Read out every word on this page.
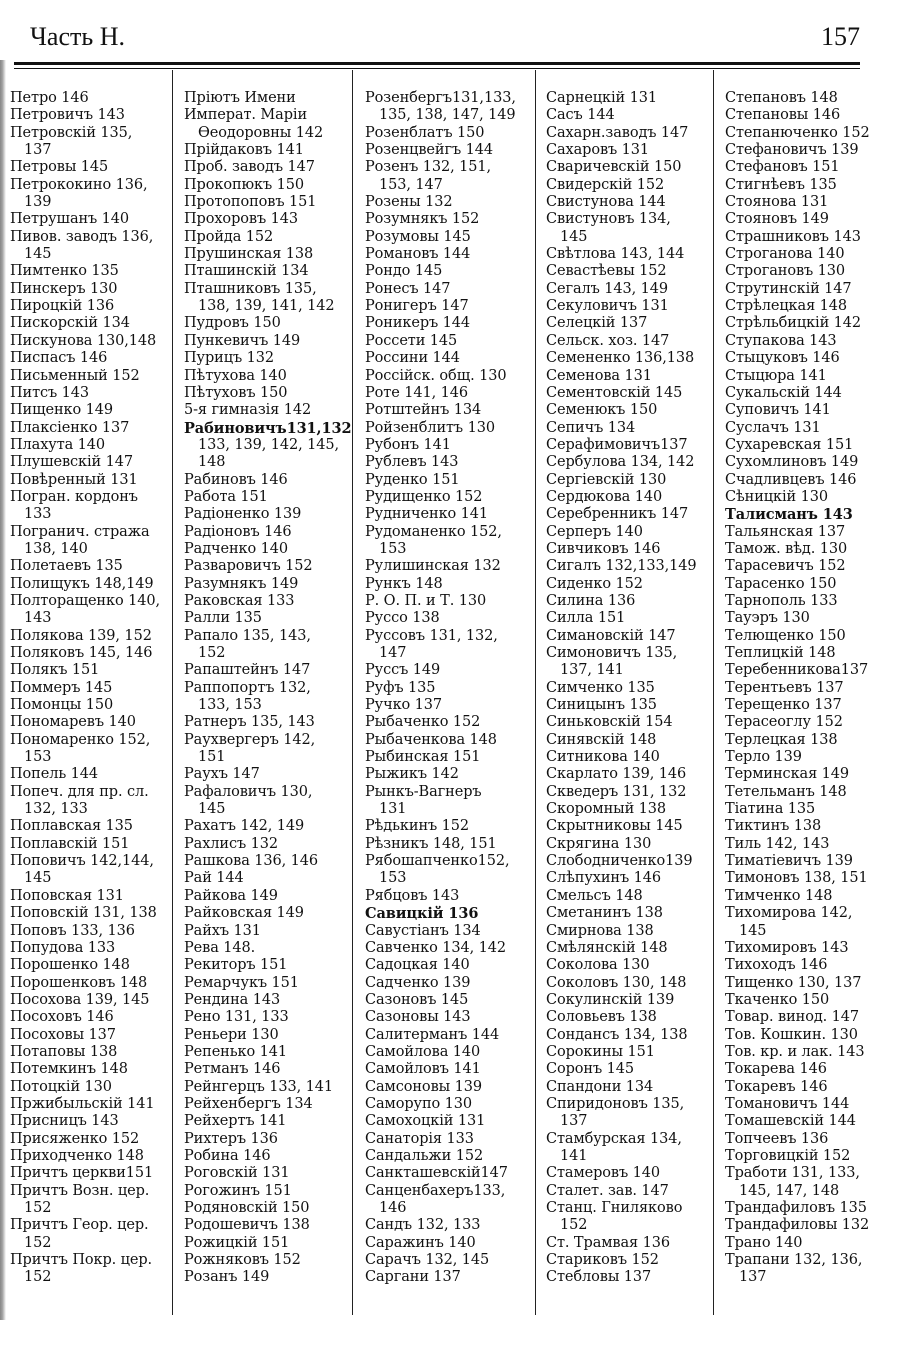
Часть Н.	157
Петро 146
Петровичъ 143
Петровскій 135,
137
Петровы 145
Петрококино 136,
139
Петрушанъ 140
Пивов. заводъ 136,
145
Пимтенко 135
Пинскеръ 130
Пироцкій 136
Пискорскій 134
Пискунова 130,148
Писпасъ 146
Письменный 152
Питсъ 143
Пищенко 149
Плаксіенко 137
Плахута 140
Плушевскій 147
Повѣренный 131
Погран. кордонъ
133
Погранич. стража
138, 140
Полетаевъ 135
Полищукъ 148,149
Полторащенко 140,
143
Полякова 139, 152
Поляковъ 145, 146
Полякъ 151
Поммеръ 145
Помонцы 150
Пономаревъ 140
Пономаренко 152,
153
Попель 144
Попеч. для пр. сл.
132, 133
Поплавская 135
Поплавскій 151
Поповичъ 142,144,
145
Поповская 131
Поповскій 131, 138
Поповъ 133, 136
Попудова 133
Порошенко 148
Порошенковъ 148
Посохова 139, 145
Посоховъ 146
Посоховы 137
Потаповы 138
Потемкинъ 148
Потоцкій 130
Пржибыльскій 141
Присницъ 143
Присяженко 152
Приходченко 148
Причтъ церкви151
Причтъ Возн. цер.
152
Причтъ Геор. цер.
152
Причтъ Покр. цер.
152
Пріютъ Имени
Императ. Маріи
Ѳеодоровны 142
Прійдаковъ 141
Проб. заводъ 147
Прокопюкъ 150
Протопоповъ 151
Прохоровъ 143
Пройда 152
Прушинская 138
Пташинскій 134
Пташниковъ 135,
138, 139, 141, 142
Пудровъ 150
Пункевичъ 149
Пурицъ 132
Пѣтухова 140
Пѣтуховъ 150
5-я гимназія 142
Рабиновичъ131,132
133, 139, 142, 145,
148
Рабиновъ 146
Работа 151
Радіоненко 139
Радіоновъ 146
Радченко 140
Разваровичъ 152
Разумнякъ 149
Раковская 133
Ралли 135
Рапало 135, 143,
152
Рапаштейнъ 147
Раппопортъ 132,
133, 153
Ратнеръ 135, 143
Раухвергеръ 142,
151
Раухъ 147
Рафаловичъ 130,
145
Рахатъ 142, 149
Рахлисъ 132
Рашкова 136, 146
Рай 144
Райкова 149
Райковская 149
Райхъ 131
Рева 148.
Рекиторъ 151
Ремарчукъ 151
Рендина 143
Рено 131, 133
Реньери 130
Репенько 141
Ретманъ 146
Рейнгерцъ 133, 141
Рейхенбергъ 134
Рейхертъ 141
Рихтеръ 136
Робина 146
Роговскій 131
Рогожинъ 151
Родяновскій 150
Родошевичъ 138
Рожицкій 151
Рожняковъ 152
Розанъ 149
Розенбергъ131,133,
135, 138, 147, 149
Розенблатъ 150
Розенцвейгъ 144
Розенъ 132, 151,
153, 147
Розены 132
Розумнякъ 152
Розумовы 145
Романовъ 144
Рондо 145
Ронесъ 147
Ронигеръ 147
Роникеръ 144
Россети 145
Россини 144
Россійск. общ. 130
Роте 141, 146
Ротштейнъ 134
Ройзенблитъ 130
Рубонъ 141
Рублевъ 143
Руденко 151
Рудищенко 152
Рудниченко 141
Рудоманенко 152,
153
Рулишинская 132
Рункъ 148
Р. О. П. и Т. 130
Руссо 138
Руссовъ 131, 132,
147
Руссъ 149
Руфъ 135
Ручко 137
Рыбаченко 152
Рыбаченкова 148
Рыбинская 151
Рыжикъ 142
Рынкъ-Вагнеръ
131
Рѣдькинъ 152
Рѣзникъ 148, 151
Рябошапченко152,
153
Рябцовъ 143
Савицкій 136
Савустіанъ 134
Савченко 134, 142
Садоцкая 140
Садченко 139
Сазоновъ 145
Сазоновы 143
Салитерманъ 144
Самойлова 140
Самойловъ 141
Самсоновы 139
Саморупо 130
Самохоцкій 131
Санаторія 133
Сандальжи 152
Санкташевскій147
Санценбахеръ133,
146
Сандъ 132, 133
Саражинъ 140
Сарачъ 132, 145
Саргани 137
Сарнецкій 131
Сасъ 144
Сахарн.заводъ 147
Сахаровъ 131
Сваричевскій 150
Свидерскій 152
Свистунова 144
Свистуновъ 134,
145
Свѣтлова 143, 144
Севастѣевы 152
Сегалъ 143, 149
Секуловичъ 131
Селецкій 137
Сельск. хоз. 147
Семененко 136,138
Семенова 131
Сементовскій 145
Семенюкъ 150
Сепичъ 134
Серафимовичъ137
Сербулова 134, 142
Сергіевскій 130
Сердюкова 140
Серебренникъ 147
Серперъ 140
Сивчиковъ 146
Сигалъ 132,133,149
Сиденко 152
Силина 136
Силла 151
Симановскій 147
Симоновичъ 135,
137, 141
Симченко 135
Синицынъ 135
Синьковскій 154
Синявскій 148
Ситникова 140
Скарлато 139, 146
Скведеръ 131, 132
Скоромный 138
Скрытниковы 145
Скрягина 130
Слободниченко139
Слѣпухинъ 146
Смельсъ 148
Сметанинъ 138
Смирнова 138
Смѣлянскій 148
Соколова 130
Соколовъ 130, 148
Сокулинскій 139
Соловьевъ 138
Сондансъ 134, 138
Сорокины 151
Соронъ 145
Спандони 134
Спиридоновъ 135,
137
Стамбурская 134,
141
Стамеровъ 140
Сталет. зав. 147
Станц. Гниляково
152
Ст. Трамвая 136
Стариковъ 152
Стебловы 137
Степановъ 148
Степановы 146
Степанюченко 152
Стефановичъ 139
Стефановъ 151
Стигнѣевъ 135
Стоянова 131
Стояновъ 149
Страшниковъ 143
Строганова 140
Строгановъ 130
Струтинскій 147
Стрѣлецкая 148
Стрѣльбицкій 142
Ступакова 143
Стыцуковъ 146
Стыцюра 141
Сукальскій 144
Суповичъ 141
Суслачъ 131
Сухаревская 151
Сухомлиновъ 149
Счадливцевъ 146
Сѣницкій 130
Талисманъ 143
Тальянская 137
Тамож. вѣд. 130
Тарасевичъ 152
Тарасенко 150
Тарнополь 133
Тауэръ 130
Телющенко 150
Теплицкій 148
Теребенникова137
Терентьевъ 137
Терещенко 137
Терасеоглу 152
Терлецкая 138
Терло 139
Терминская 149
Тетельманъ 148
Тіатина 135
Тиктинъ 138
Тиль 142, 143
Тиматіевичъ 139
Тимоновъ 138, 151
Тимченко 148
Тихомирова 142,
145
Тихомировъ 143
Тихоходъ 146
Тищенко 130, 137
Ткаченко 150
Товар. винод. 147
Тов. Кошкин. 130
Тов. кр. и лак. 143
Токарева 146
Токаревъ 146
Томановичъ 144
Томашевскій 144
Топчеевъ 136
Торговицкій 152
Тработи 131, 133,
145, 147, 148
Трандафиловъ 135
Трандафиловы 132
Трано 140
Трапани 132, 136,
137
